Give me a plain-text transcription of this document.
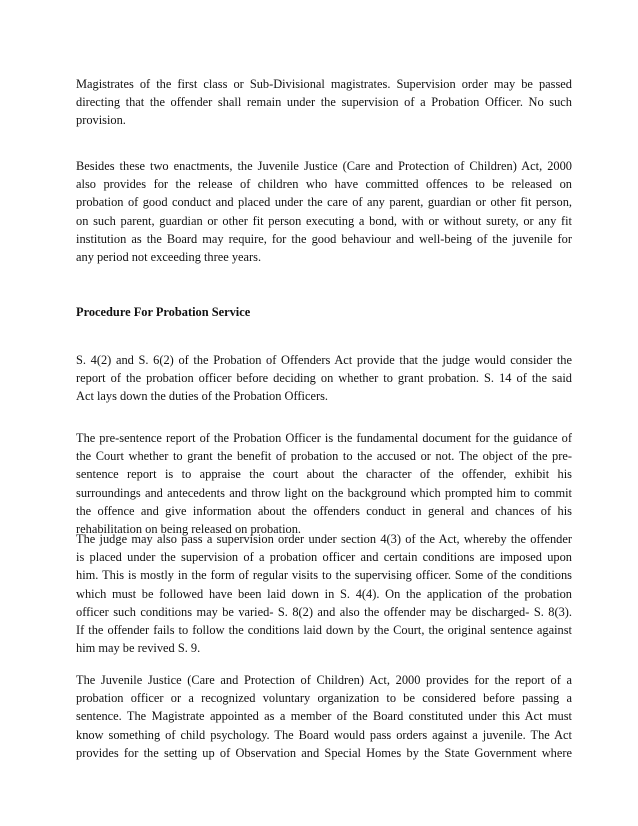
Magistrates of the first class or Sub-Divisional magistrates. Supervision order may be passed
directing that the offender shall remain under the supervision of a Probation Officer. No such
provision.

Besides these two enactments, the Juvenile Justice (Care and Protection of Children) Act, 2000
also provides for the release of children who have committed offences to be released on
probation of good conduct and placed under the care of any parent, guardian or other fit person,
on such parent, guardian or other fit person executing a bond, with or without surety, or any fit
institution as the Board may require, for the good behaviour and well-being of the juvenile for
any period not exceeding three years.

Procedure For Probation Service

S. 4(2) and S. 6(2) of the Probation of Offenders Act provide that the judge would consider the
report of the probation officer before deciding on whether to grant probation. S. 14 of the said
Act lays down the duties of the Probation Officers.

The pre-sentence report of the Probation Officer is the fundamental document for the guidance of
the Court whether to grant the benefit of probation to the accused or not. The object of the pre-
sentence report is to appraise the court about the character of the offender, exhibit his
surroundings and antecedents and throw light on the background which prompted him to commit
the offence and give information about the offenders conduct in general and chances of his
rehabilitation on being released on probation.

The judge may also pass a supervision order under section 4(3) of the Act, whereby the offender
is placed under the supervision of a probation officer and certain conditions are imposed upon
him. This is mostly in the form of regular visits to the supervising officer. Some of the conditions
which must be followed have been laid down in S. 4(4). On the application of the probation
officer such conditions may be varied- S. 8(2) and also the offender may be discharged- S. 8(3).
If the offender fails to follow the conditions laid down by the Court, the original sentence against
him may be revived S. 9.

The Juvenile Justice (Care and Protection of Children) Act, 2000 provides for the report of a
probation officer or a recognized voluntary organization to be considered before passing a
sentence. The Magistrate appointed as a member of the Board constituted under this Act must
know something of child psychology. The Board would pass orders against a juvenile. The Act
provides for the setting up of Observation and Special Homes by the State Government where
